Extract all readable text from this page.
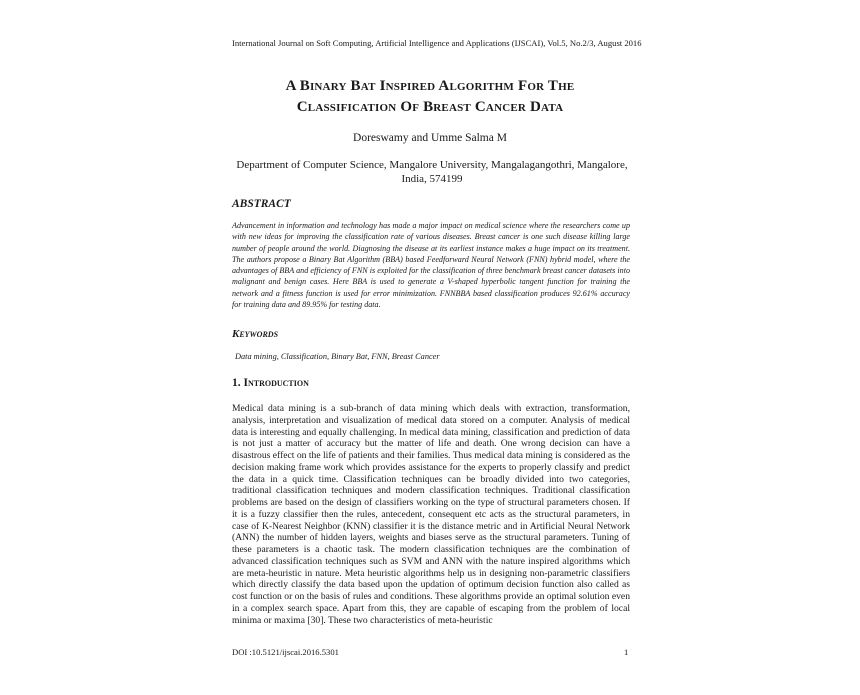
International Journal on Soft Computing, Artificial Intelligence and Applications (IJSCAI), Vol.5, No.2/3, August 2016
A Binary Bat Inspired Algorithm For The
Classification Of Breast Cancer Data
Doreswamy and Umme Salma M
Department of Computer Science, Mangalore University, Mangalagangothri, Mangalore, India, 574199
ABSTRACT
Advancement in information and technology has made a major impact on medical science where the researchers come up with new ideas for improving the classification rate of various diseases. Breast cancer is one such disease killing large number of people around the world. Diagnosing the disease at its earliest instance makes a huge impact on its treatment. The authors propose a Binary Bat Algorithm (BBA) based Feedforward Neural Network (FNN) hybrid model, where the advantages of BBA and efficiency of FNN is exploited for the classification of three benchmark breast cancer datasets into malignant and benign cases. Here BBA is used to generate a V-shaped hyperbolic tangent function for training the network and a fitness function is used for error minimization. FNNBBA based classification produces 92.61% accuracy for training data and 89.95% for testing data.
Keywords
Data mining, Classification, Binary Bat, FNN, Breast Cancer
1. Introduction
Medical data mining is a sub-branch of data mining which deals with extraction, transformation, analysis, interpretation and visualization of medical data stored on a computer. Analysis of medical data is interesting and equally challenging. In medical data mining, classification and prediction of data is not just a matter of accuracy but the matter of life and death. One wrong decision can have a disastrous effect on the life of patients and their families. Thus medical data mining is considered as the decision making frame work which provides assistance for the experts to properly classify and predict the data in a quick time. Classification techniques can be broadly divided into two categories, traditional classification techniques and modern classification techniques. Traditional classification problems are based on the design of classifiers working on the type of structural parameters chosen. If it is a fuzzy classifier then the rules, antecedent, consequent etc acts as the structural parameters, in case of K-Nearest Neighbor (KNN) classifier it is the distance metric and in Artificial Neural Network (ANN) the number of hidden layers, weights and biases serve as the structural parameters. Tuning of these parameters is a chaotic task. The modern classification techniques are the combination of advanced classification techniques such as SVM and ANN with the nature inspired algorithms which are meta-heuristic in nature. Meta heuristic algorithms help us in designing non-parametric classifiers which directly classify the data based upon the updation of optimum decision function also called as cost function or on the basis of rules and conditions. These algorithms provide an optimal solution even in a complex search space. Apart from this, they are capable of escaping from the problem of local minima or maxima [30]. These two characteristics of meta-heuristic
DOI :10.5121/ijscai.2016.5301	1
